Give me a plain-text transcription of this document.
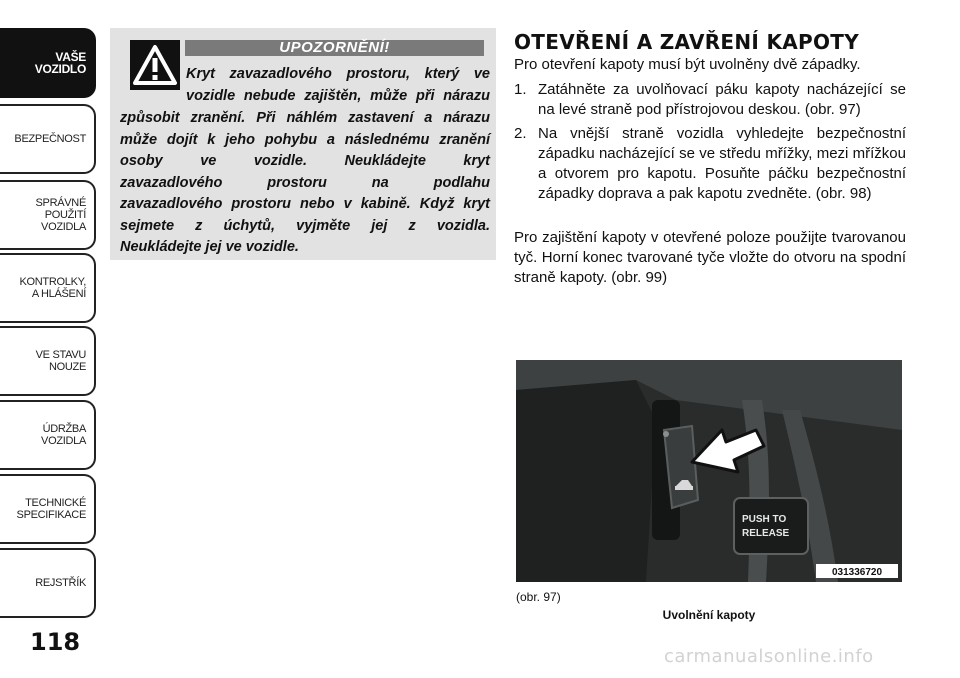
VAŠE
VOZIDLO
BEZPEČNOST
SPRÁVNÉ
POUŽITÍ
VOZIDLA
KONTROLKY,
A HLÁŠENÍ
VE STAVU
NOUZE
ÚDRŽBA
VOZIDLA
TECHNICKÉ
SPECIFIKACE
REJSTŘÍK
118
UPOZORNĚNÍ!

Kryt zavazadlového prostoru, který ve

vozidle nebude zajištěn, může při nárazu

způsobit zranění. Při náhlém zastavení a nárazu

může dojít k jeho pohybu a následnému zranění

osoby ve vozidle. Neukládejte kryt

zavazadlového prostoru na podlahu

zavazadlového prostoru nebo v kabině. Když kryt

sejmete z úchytů, vyjměte jej z vozidla.

Neukládejte jej ve vozidle.

OTEVŘENÍ A ZAVŘENÍ KAPOTY

Pro otevření kapoty musí být uvolněny dvě západky.

1. Zatáhněte za uvolňovací páku kapoty nacházející se na levé straně pod přístrojovou deskou. (obr. 97)
2. Na vnější straně vozidla vyhledejte bezpečnostní západku nacházející se ve středu mřížky, mezi mřížkou a otvorem pro kapotu. Posuňte páčku bezpečnostní západky doprava a pak kapotu zvedněte. (obr. 98)

Pro zajištění kapoty v otevřené poloze použijte tvarovanou tyč. Horní konec tvarované tyče vložte do otvoru na spodní straně kapoty. (obr. 99)

PUSH TO
RELEASE
031336720
(obr. 97)
Uvolnění kapoty
carmanualsonline.info
